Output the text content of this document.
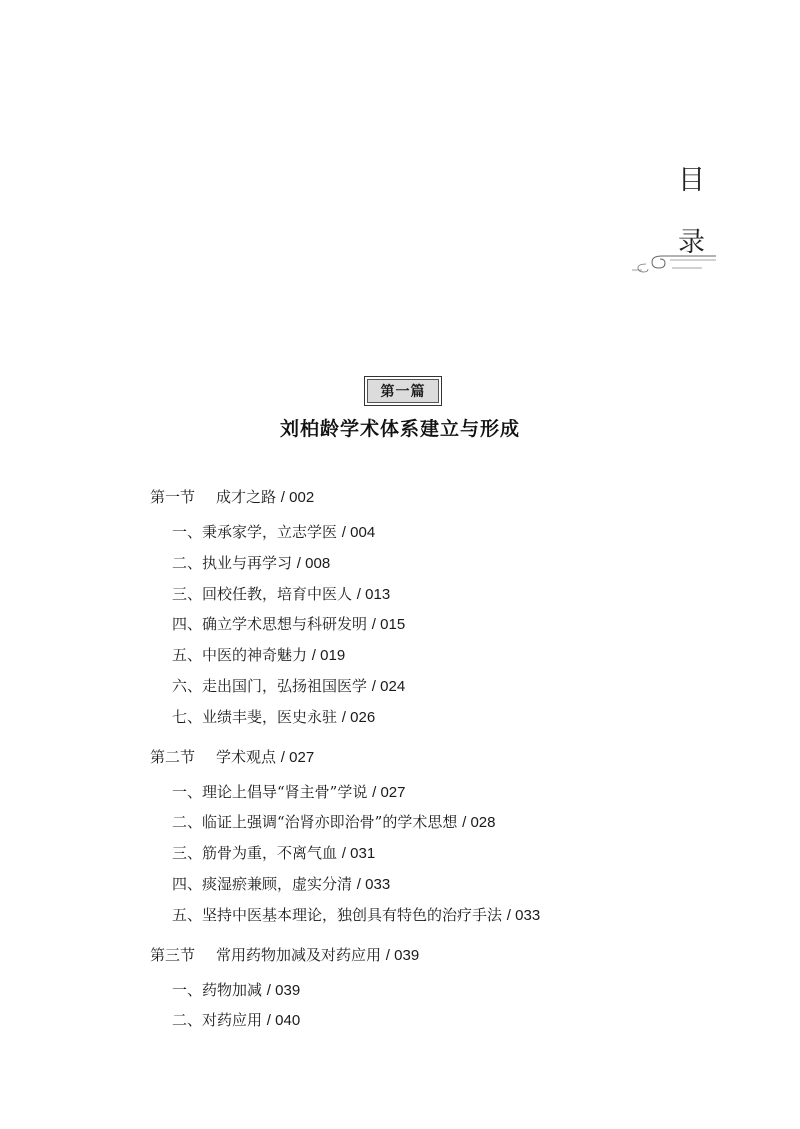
目
录
第一篇
刘柏龄学术体系建立与形成
第一节 成才之路 / 002
一、秉承家学，立志学医 / 004
二、执业与再学习 / 008
三、回校任教，培育中医人 / 013
四、确立学术思想与科研发明 / 015
五、中医的神奇魅力 / 019
六、走出国门，弘扬祖国医学 / 024
七、业绩丰斐，医史永驻 / 026
第二节 学术观点 / 027
一、理论上倡导“肾主骨”学说 / 027
二、临证上强调“治肾亦即治骨”的学术思想 / 028
三、筋骨为重，不离气血 / 031
四、痰湿瘀兼顾，虚实分清 / 033
五、坚持中医基本理论，独创具有特色的治疗手法 / 033
第三节 常用药物加减及对药应用 / 039
一、药物加减 / 039
二、对药应用 / 040
